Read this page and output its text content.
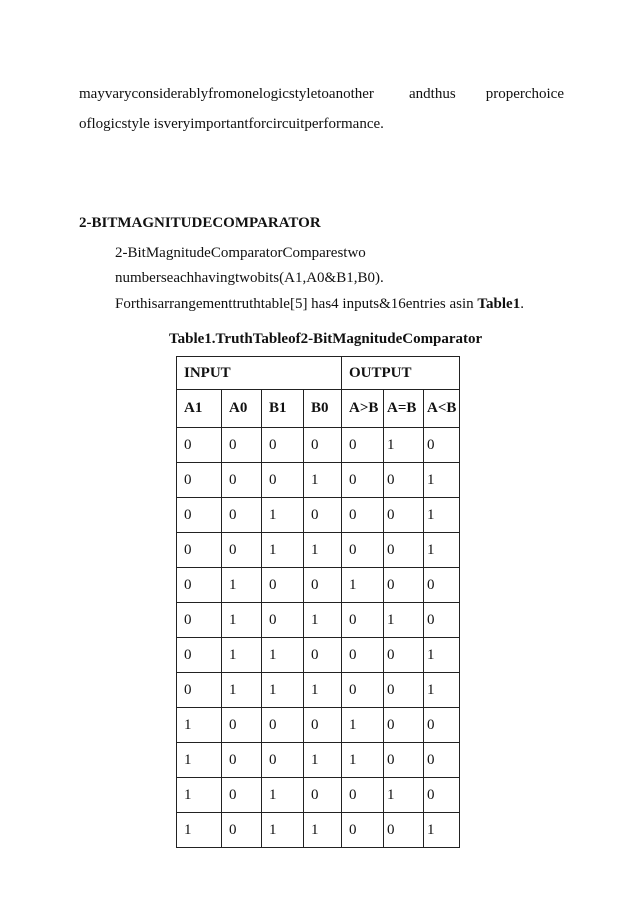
mayvaryconsiderablyfromonelogicstyletoanother andthus properchoice
oflogicstyle isveryimportantforcircuitperformance.
2-BITMAGNITUDECOMPARATOR
2-BitMagnitudeComparatorComparestwo
numberseachhavingtwobits(A1,A0&B1,B0).
Forthisarrangementtruthtable[5] has4 inputs&16entries asin Table1.
Table1.TruthTableof2-BitMagnitudeComparator
INPUT				OUTPUT		
A1	A0	B1	B0	A>B	A=B	A<B
0	0	0	0	0	1	0
0	0	0	1	0	0	1
0	0	1	0	0	0	1
0	0	1	1	0	0	1
0	1	0	0	1	0	0
0	1	0	1	0	1	0
0	1	1	0	0	0	1
0	1	1	1	0	0	1
1	0	0	0	1	0	0
1	0	0	1	1	0	0
1	0	1	0	0	1	0
1	0	1	1	0	0	1
